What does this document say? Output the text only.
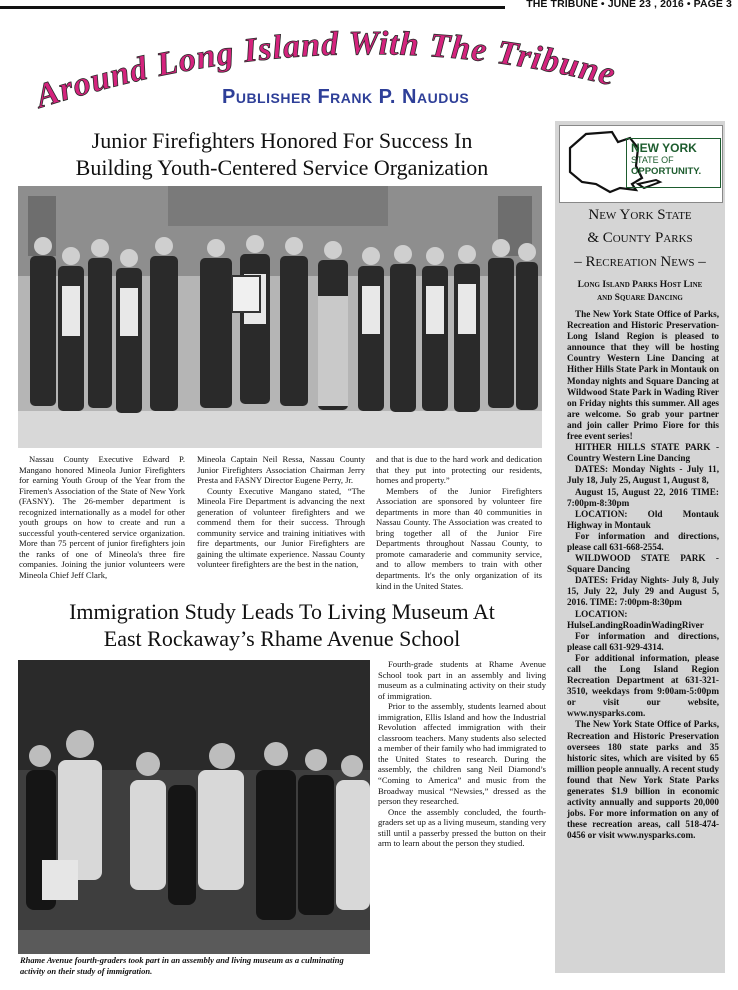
THE TRIBUNE • JUNE 23 , 2016 • PAGE 3
Around Long Island With The Tribune
Publisher Frank P. Naudus
Junior Firefighters Honored For Success In
Building Youth-Centered Service Organization

Nassau County Executive Edward P. Mangano honored Mineola Junior Firefighters for earning Youth Group of the Year from the Firemen's Association of the State of New York (FASNY). The 26-member department is recognized internationally as a model for other youth groups on how to create and run a successful youth-centered service organization. More than 75 percent of junior firefighters join the ranks of one of Mineola's three fire companies. Joining the junior volunteers were Mineola Chief Jeff Clark,

Mineola Captain Neil Ressa, Nassau County Junior Firefighters Association Chairman Jerry Presta and FASNY Director Eugene Perry, Jr.

County Executive Mangano stated, “The Mineola Fire Department is advancing the next generation of volunteer firefighters and we commend them for their success. Through community service and training initiatives with fire departments, our Junior Firefighters are gaining the ultimate experience. Nassau County volunteer firefighters are the best in the nation,

and that is due to the hard work and dedication that they put into protecting our residents, homes and property.”

Members of the Junior Firefighters Association are sponsored by volunteer fire departments in more than 40 communities in Nassau County. The Association was created to bring together all of the Junior Fire Departments throughout Nassau County, to promote camaraderie and community service, and to allow members to train with other departments. It's the only organization of its kind in the United States.

Immigration Study Leads To Living Museum At
East Rockaway’s Rhame Avenue School
Rhame Avenue fourth-graders took part in an assembly and living museum as a culminating activity on their study of immigration.

Fourth-grade students at Rhame Avenue School took part in an assembly and living museum as a culminating activity on their study of immigration.

Prior to the assembly, students learned about immigration, Ellis Island and how the Industrial Revolution affected immigration with their classroom teachers. Many students also selected a member of their family who had immigrated to the United States to research. During the assembly, the children sang Neil Diamond’s “Coming to America” and music from the Broadway musical “Newsies,” dressed as the person they researched.

Once the assembly concluded, the fourth-graders set up as a living museum, standing very still until a passerby pressed the button on their arm to learn about the person they studied.

NEW YORK
STATE OF
OPPORTUNITY.
New York State
& County Parks
– Recreation News –
Long Island Parks Host Line
and Square Dancing

The New York State Office of Parks, Recreation and Historic Preservation-Long Island Region is pleased to announce that they will be hosting Country Western Line Dancing at Hither Hills State Park in Montauk on Monday nights and Square Dancing at Wildwood State Park in Wading River on Friday nights this summer. All ages are welcome. So grab your partner and join caller Primo Fiore for this free event series!

HITHER HILLS STATE PARK - Country Western Line Dancing

DATES: Monday Nights - July 11, July 18, July 25, August 1, August 8,

August 15, August 22, 2016 TIME: 7:00pm-8:30pm

LOCATION: Old Montauk Highway in Montauk

For information and directions, please call 631-668-2554.

WILDWOOD STATE PARK - Square Dancing

DATES: Friday Nights- July 8, July 15, July 22, July 29 and August 5, 2016. TIME: 7:00pm-8:30pm

LOCATION: HulseLandingRoadinWadingRiver

For information and directions, please call 631-929-4314.

For additional information, please call the Long Island Region Recreation Department at 631-321-3510, weekdays from 9:00am-5:00pm or visit our website, www.nysparks.com.

The New York State Office of Parks, Recreation and Historic Preservation oversees 180 state parks and 35 historic sites, which are visited by 65 million people annually. A recent study found that New York State Parks generates $1.9 billion in economic activity annually and supports 20,000 jobs. For more information on any of these recreation areas, call 518-474-0456 or visit www.nysparks.com.
